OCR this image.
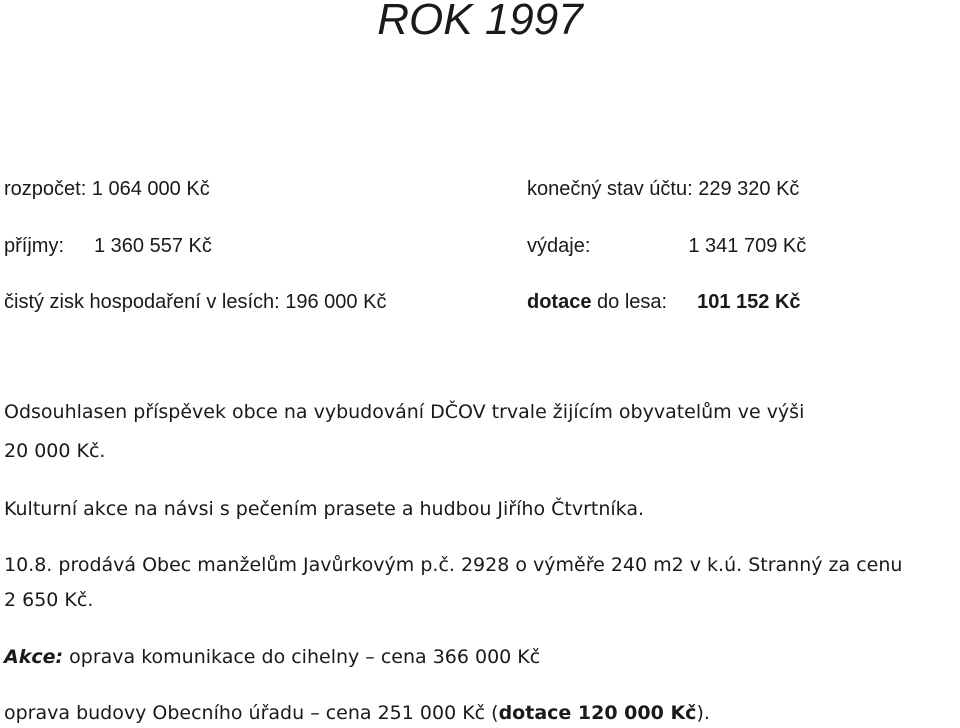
ROK 1997
rozpočet: 1 064 000 Kč	konečný stav účtu: 229 320 Kč
příjmy: 1 360 557 Kč	výdaje:	1 341 709 Kč
čistý zisk hospodaření v lesích: 196 000 Kč	dotace do lesa: 101 152 Kč

Odsouhlasen příspěvek obce na vybudování DČOV trvale žijícím obyvatelům ve výši

20 000 Kč.

Kulturní akce na návsi s pečením prasete a hudbou Jiřího Čtvrtníka.

10.8. prodává Obec manželům Javůrkovým p.č. 2928 o výměře 240 m2 v k.ú. Stranný za cenu

2 650 Kč.

Akce: oprava komunikace do cihelny – cena 366 000 Kč

oprava budovy Obecního úřadu – cena 251 000 Kč (dotace 120 000 Kč).
